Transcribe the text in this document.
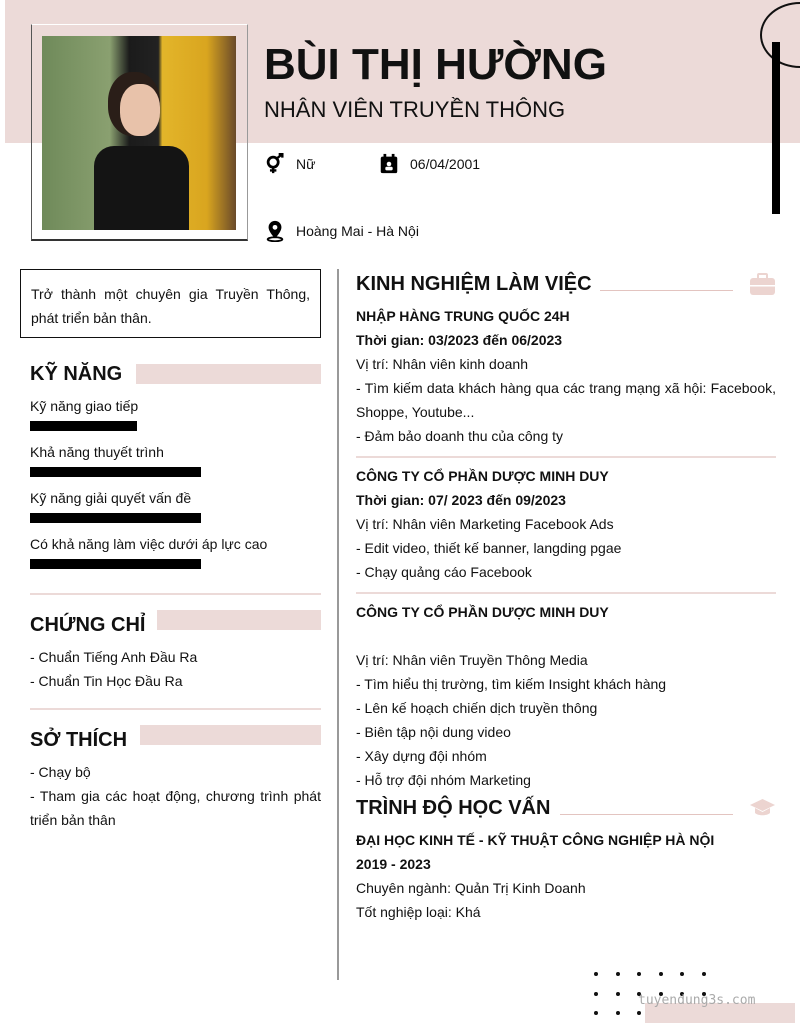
BÙI THỊ HƯỜNG
NHÂN VIÊN TRUYỀN THÔNG
Nữ	06/04/2001
Hoàng Mai - Hà Nội
Trở thành một chuyên gia Truyền Thông, phát triển bản thân.
KỸ NĂNG
Kỹ năng giao tiếp
Khả năng thuyết trình
Kỹ năng giải quyết vấn đề
Có khả năng làm việc dưới áp lực cao
CHỨNG CHỈ
- Chuẩn Tiếng Anh Đầu Ra
- Chuẩn Tin Học Đầu Ra
SỞ THÍCH
- Chạy bộ
- Tham gia các hoạt động, chương trình phát triển bản thân
KINH NGHIỆM LÀM VIỆC
NHẬP HÀNG TRUNG QUỐC 24H
Thời gian: 03/2023 đến 06/2023
Vị trí: Nhân viên kinh doanh
- Tìm kiếm data khách hàng qua các trang mạng xã hội: Facebook, Shoppe, Youtube...
- Đảm bảo doanh thu của công ty
CÔNG TY CỔ PHẦN DƯỢC MINH DUY
Thời gian: 07/ 2023 đến 09/2023
Vị trí: Nhân viên Marketing Facebook Ads
- Edit video, thiết kế banner, langding pgae
- Chạy quảng cáo Facebook
CÔNG TY CỔ PHẦN DƯỢC MINH DUY
Vị trí: Nhân viên Truyền Thông Media
- Tìm hiểu thị trường, tìm kiếm Insight khách hàng
- Lên kế hoạch chiến dịch truyền thông
- Biên tập nội dung video
- Xây dựng đội nhóm
- Hỗ trợ đội nhóm Marketing
TRÌNH ĐỘ HỌC VẤN
ĐẠI HỌC KINH TẾ - KỸ THUẬT CÔNG NGHIỆP HÀ NỘI
2019 - 2023
Chuyên ngành: Quản Trị Kinh Doanh
Tốt nghiệp loại: Khá
tuyendung3s.com
